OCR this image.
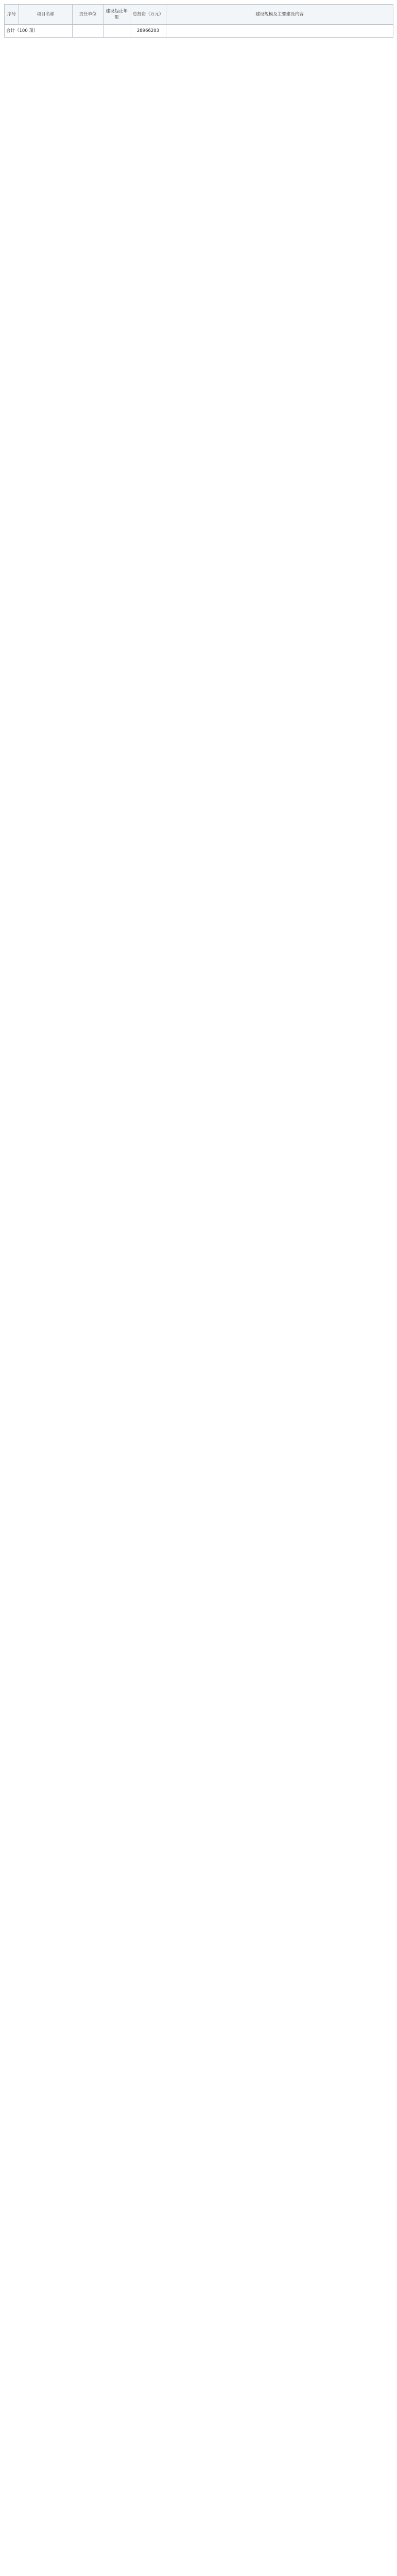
序号	项目名称	责任单位	建设起止年限	总投资（万元）	建设规模及主要建设内容
合计（100 项）				28966203	
